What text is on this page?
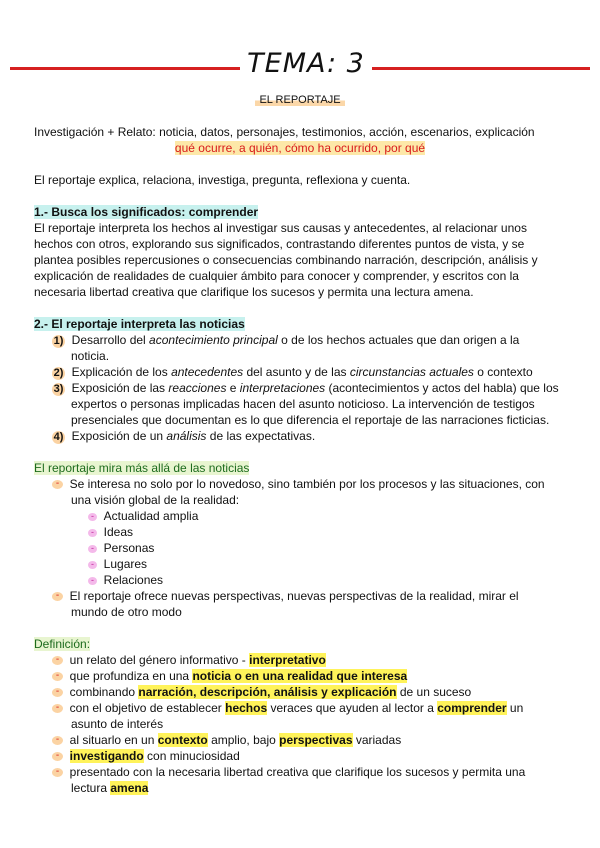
TEMA: 3
EL REPORTAJE
Investigación + Relato: noticia, datos, personajes, testimonios, acción, escenarios, explicación
qué ocurre, a quién, cómo ha ocurrido, por qué
El reportaje explica, relaciona, investiga, pregunta, reflexiona y cuenta.
1.- Busca los significados: comprender
El reportaje interpreta los hechos al investigar sus causas y antecedentes, al relacionar unos
hechos con otros, explorando sus significados, contrastando diferentes puntos de vista, y se
plantea posibles repercusiones o consecuencias combinando narración, descripción, análisis y
explicación de realidades de cualquier ámbito para conocer y comprender, y escritos con la
necesaria libertad creativa que clarifique los sucesos y permita una lectura amena.
2.- El reportaje interpreta las noticias
1) Desarrollo del acontecimiento principal o de los hechos actuales que dan origen a la
noticia.
2) Explicación de los antecedentes del asunto y de las circunstancias actuales o contexto
3) Exposición de las reacciones e interpretaciones (acontecimientos y actos del habla) que los
expertos o personas implicadas hacen del asunto noticioso. La intervención de testigos
presenciales que documentan es lo que diferencia el reportaje de las narraciones ficticias.
4) Exposición de un análisis de las expectativas.
El reportaje mira más allá de las noticias
- Se interesa no solo por lo novedoso, sino también por los procesos y las situaciones, con
una visión global de la realidad:
- Actualidad amplia
- Ideas
- Personas
- Lugares
- Relaciones
- El reportaje ofrece nuevas perspectivas, nuevas perspectivas de la realidad, mirar el
mundo de otro modo
Definición:
- un relato del género informativo - interpretativo
- que profundiza en una noticia o en una realidad que interesa
- combinando narración, descripción, análisis y explicación de un suceso
- con el objetivo de establecer hechos veraces que ayuden al lector a comprender un
asunto de interés
- al situarlo en un contexto amplio, bajo perspectivas variadas
- investigando con minuciosidad
- presentado con la necesaria libertad creativa que clarifique los sucesos y permita una
lectura amena
